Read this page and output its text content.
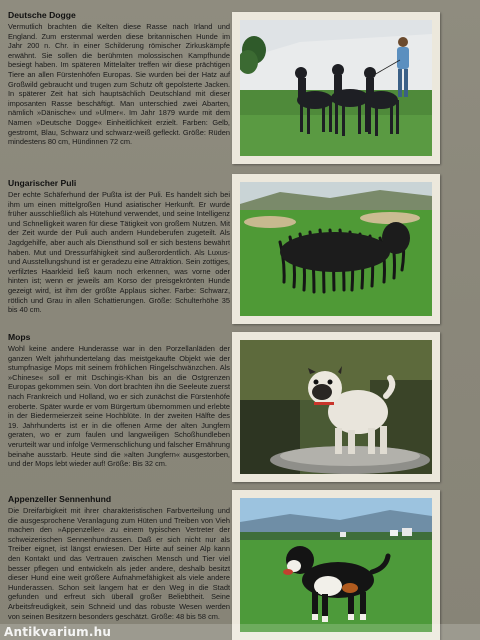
Deutsche Dogge

Vermutlich brachten die Kelten diese Rasse nach Irland und England. Zum erstenmal werden diese britannischen Hunde im Jahr 200 n. Chr. in einer Schilderung römischer Zirkuskämpfe erwähnt. Sie sollen die berühmten molossischen Kampfhunde besiegt haben. Im späteren Mittelalter treffen wir diese prächtigen Tiere an allen Fürstenhöfen Europas. Sie wurden bei der Hatz auf Großwild gebraucht und trugen zum Schutz oft gepolsterte Jacken. In späterer Zeit hat sich hauptsächlich Deutschland mit dieser imposanten Rasse beschäftigt. Man unterschied zwei Abarten, nämlich »Dänische« und »Ulmer«. Im Jahr 1879 wurde mit dem Namen »Deutsche Dogge« Einheitlichkeit erzielt. Farben: Gelb, gestromt, Blau, Schwarz und schwarz-weiß gefleckt. Größe: Rüden mindestens 80 cm, Hündinnen 72 cm.

Ungarischer Puli

Der echte Schäferhund der Pußta ist der Puli. Es handelt sich bei ihm um einen mittelgroßen Hund asiatischer Herkunft. Er wurde früher ausschließlich als Hütehund verwendet, und seine Intelligenz und Schnelligkeit waren für diese Tätigkeit von großem Nutzen. Mit der Zeit wurde der Puli auch andern Hundeberufen zugeteilt. Als Jagdgehilfe, aber auch als Diensthund soll er sich bestens bewährt haben. Mut und Dressurfähigkeit sind außerordentlich. Als Luxus- und Ausstellungshund ist er geradezu eine Attraktion. Sein zottiges, verfilztes Haarkleid ließ kaum noch erkennen, was vorne oder hinten ist; wenn er jeweils am Korso der preisgekrönten Hunde gezeigt wird, ist ihm der größte Applaus sicher. Farbe: Schwarz, rötlich und Grau in allen Schattierungen. Größe: Schulterhöhe 35 bis 40 cm.

Mops

Wohl keine andere Hunderasse war in den Porzellanläden der ganzen Welt jahrhundertelang das meistgekaufte Objekt wie der stumpfnasige Mops mit seinem fröhlichen Ringelschwänzchen. Als »Chinese« soll er mit Dschingis-Khan bis an die Ostgrenzen Europas gekommen sein. Von dort brachten ihn die Seeleute zuerst nach Frankreich und Holland, wo er sich zunächst die Fürstenhöfe eroberte. Später wurde er vom Bürgertum übernommen und erlebte in der Biedermeierzeit seine Hochblüte. In der zweiten Hälfte des 19. Jahrhunderts ist er in die offenen Arme der alten Jungfern geraten, wo er zum faulen und langweiligen Schoßhundleben verurteilt war und infolge Vermenschlichung und falscher Ernährung beinahe ausstarb. Heute sind die »alten Jungfern« ausgestorben, und der Mops lebt wieder auf! Größe: Bis 32 cm.

Appenzeller Sennenhund

Die Dreifarbigkeit mit ihrer charakteristischen Farbverteilung und die ausgesprochene Veranlagung zum Hüten und Treiben von Vieh machen den »Appenzeller« zu einem typischen Vertreter der schweizerischen Sennenhundrassen. Daß er sich nicht nur als Treiber eignet, ist längst erwiesen. Der Hirte auf seiner Alp kann den Kontakt und das Vertrauen zwischen Mensch und Tier viel besser pflegen und entwickeln als jeder andere, deshalb besitzt dieser Hund eine weit größere Aufnahmefähigkeit als viele andere Hunderassen. Schon seit langem hat er den Weg in die Stadt gefunden und erfreut sich überall großer Beliebtheit. Seine Arbeitsfreudigkeit, sein Schneid und das robuste Wesen werden von seinen Besitzern besonders geschätzt. Größe: 48 bis 58 cm.

Antikvarium.hu
